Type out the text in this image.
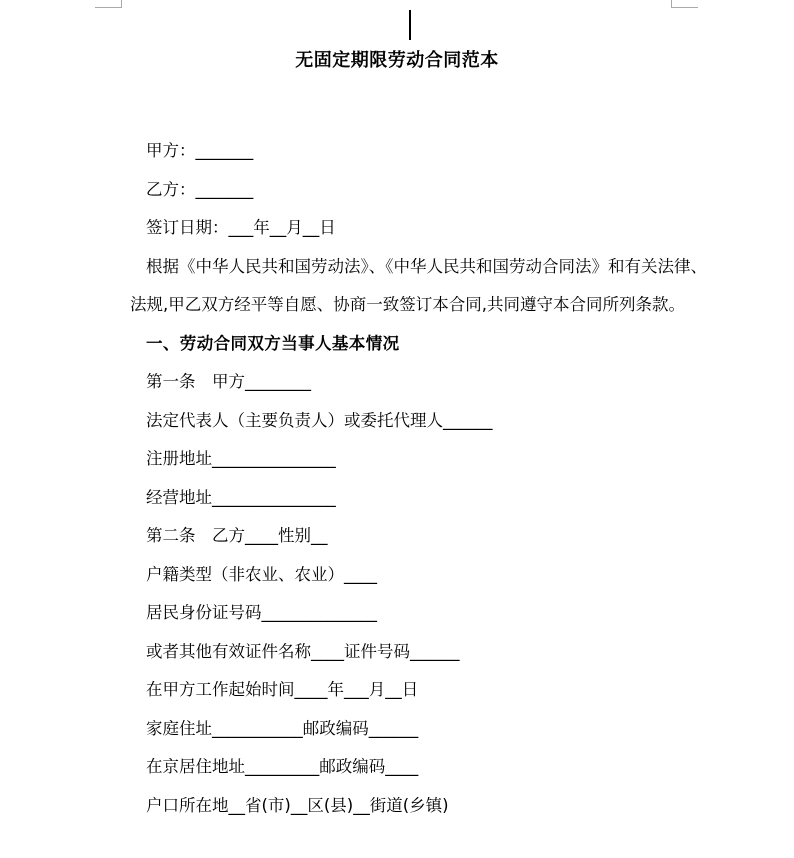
无固定期限劳动合同范本
甲方：_______
乙方：_______
签订日期：___年__月__日
根据《中华人民共和国劳动法》、《中华人民共和国劳动合同法》和有关法律、
法规,甲乙双方经平等自愿、协商一致签订本合同,共同遵守本合同所列条款。
一、劳动合同双方当事人基本情况
第一条　甲方________
法定代表人（主要负责人）或委托代理人______
注册地址_______________
经营地址_______________
第二条　乙方____性别__
户籍类型（非农业、农业）____
居民身份证号码______________
或者其他有效证件名称____证件号码______
在甲方工作起始时间____年___月__日
家庭住址___________邮政编码______
在京居住地址_________邮政编码____
户口所在地__省(市)__区(县)__街道(乡镇)
